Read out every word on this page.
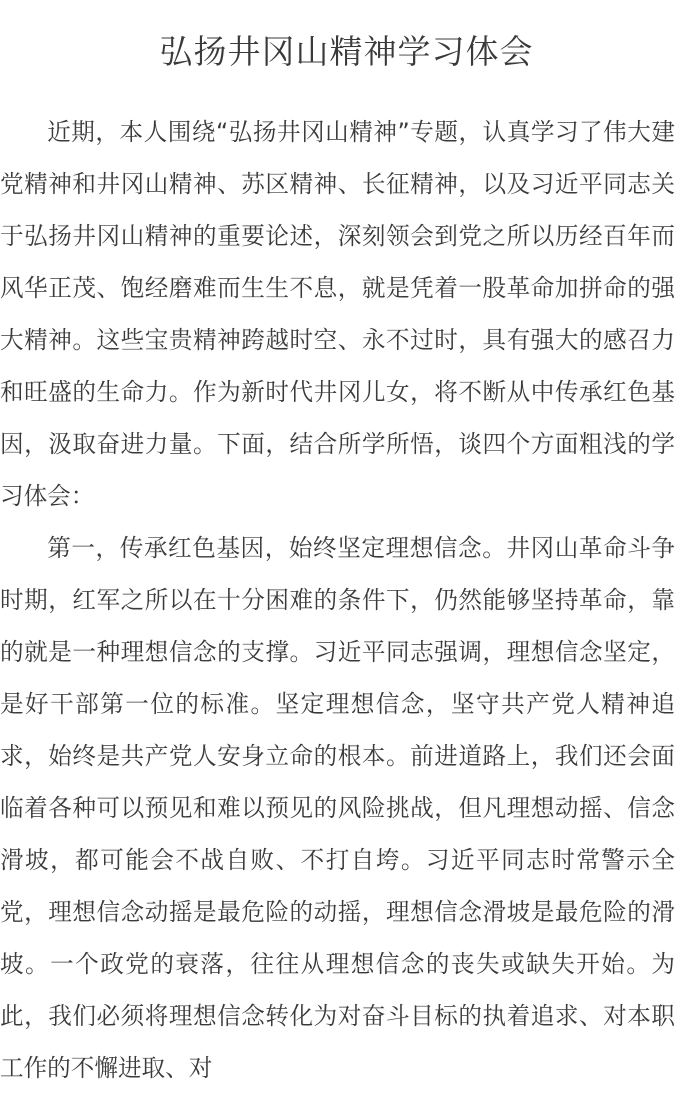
弘扬井冈山精神学习体会

近期，本人围绕“弘扬井冈山精神”专题，认真学习了伟大建党精神和井冈山精神、苏区精神、长征精神，以及习近平同志关于弘扬井冈山精神的重要论述，深刻领会到党之所以历经百年而风华正茂、饱经磨难而生生不息，就是凭着一股革命加拼命的强大精神。这些宝贵精神跨越时空、永不过时，具有强大的感召力和旺盛的生命力。作为新时代井冈儿女，将不断从中传承红色基因，汲取奋进力量。下面，结合所学所悟，谈四个方面粗浅的学习体会：

第一，传承红色基因，始终坚定理想信念。井冈山革命斗争时期，红军之所以在十分困难的条件下，仍然能够坚持革命，靠的就是一种理想信念的支撑。习近平同志强调，理想信念坚定，是好干部第一位的标准。坚定理想信念，坚守共产党人精神追求，始终是共产党人安身立命的根本。前进道路上，我们还会面临着各种可以预见和难以预见的风险挑战，但凡理想动摇、信念滑坡，都可能会不战自败、不打自垮。习近平同志时常警示全党，理想信念动摇是最危险的动摇，理想信念滑坡是最危险的滑坡。一个政党的衰落，往往从理想信念的丧失或缺失开始。为此，我们必须将理想信念转化为对奋斗目标的执着追求、对本职工作的不懈进取、对
